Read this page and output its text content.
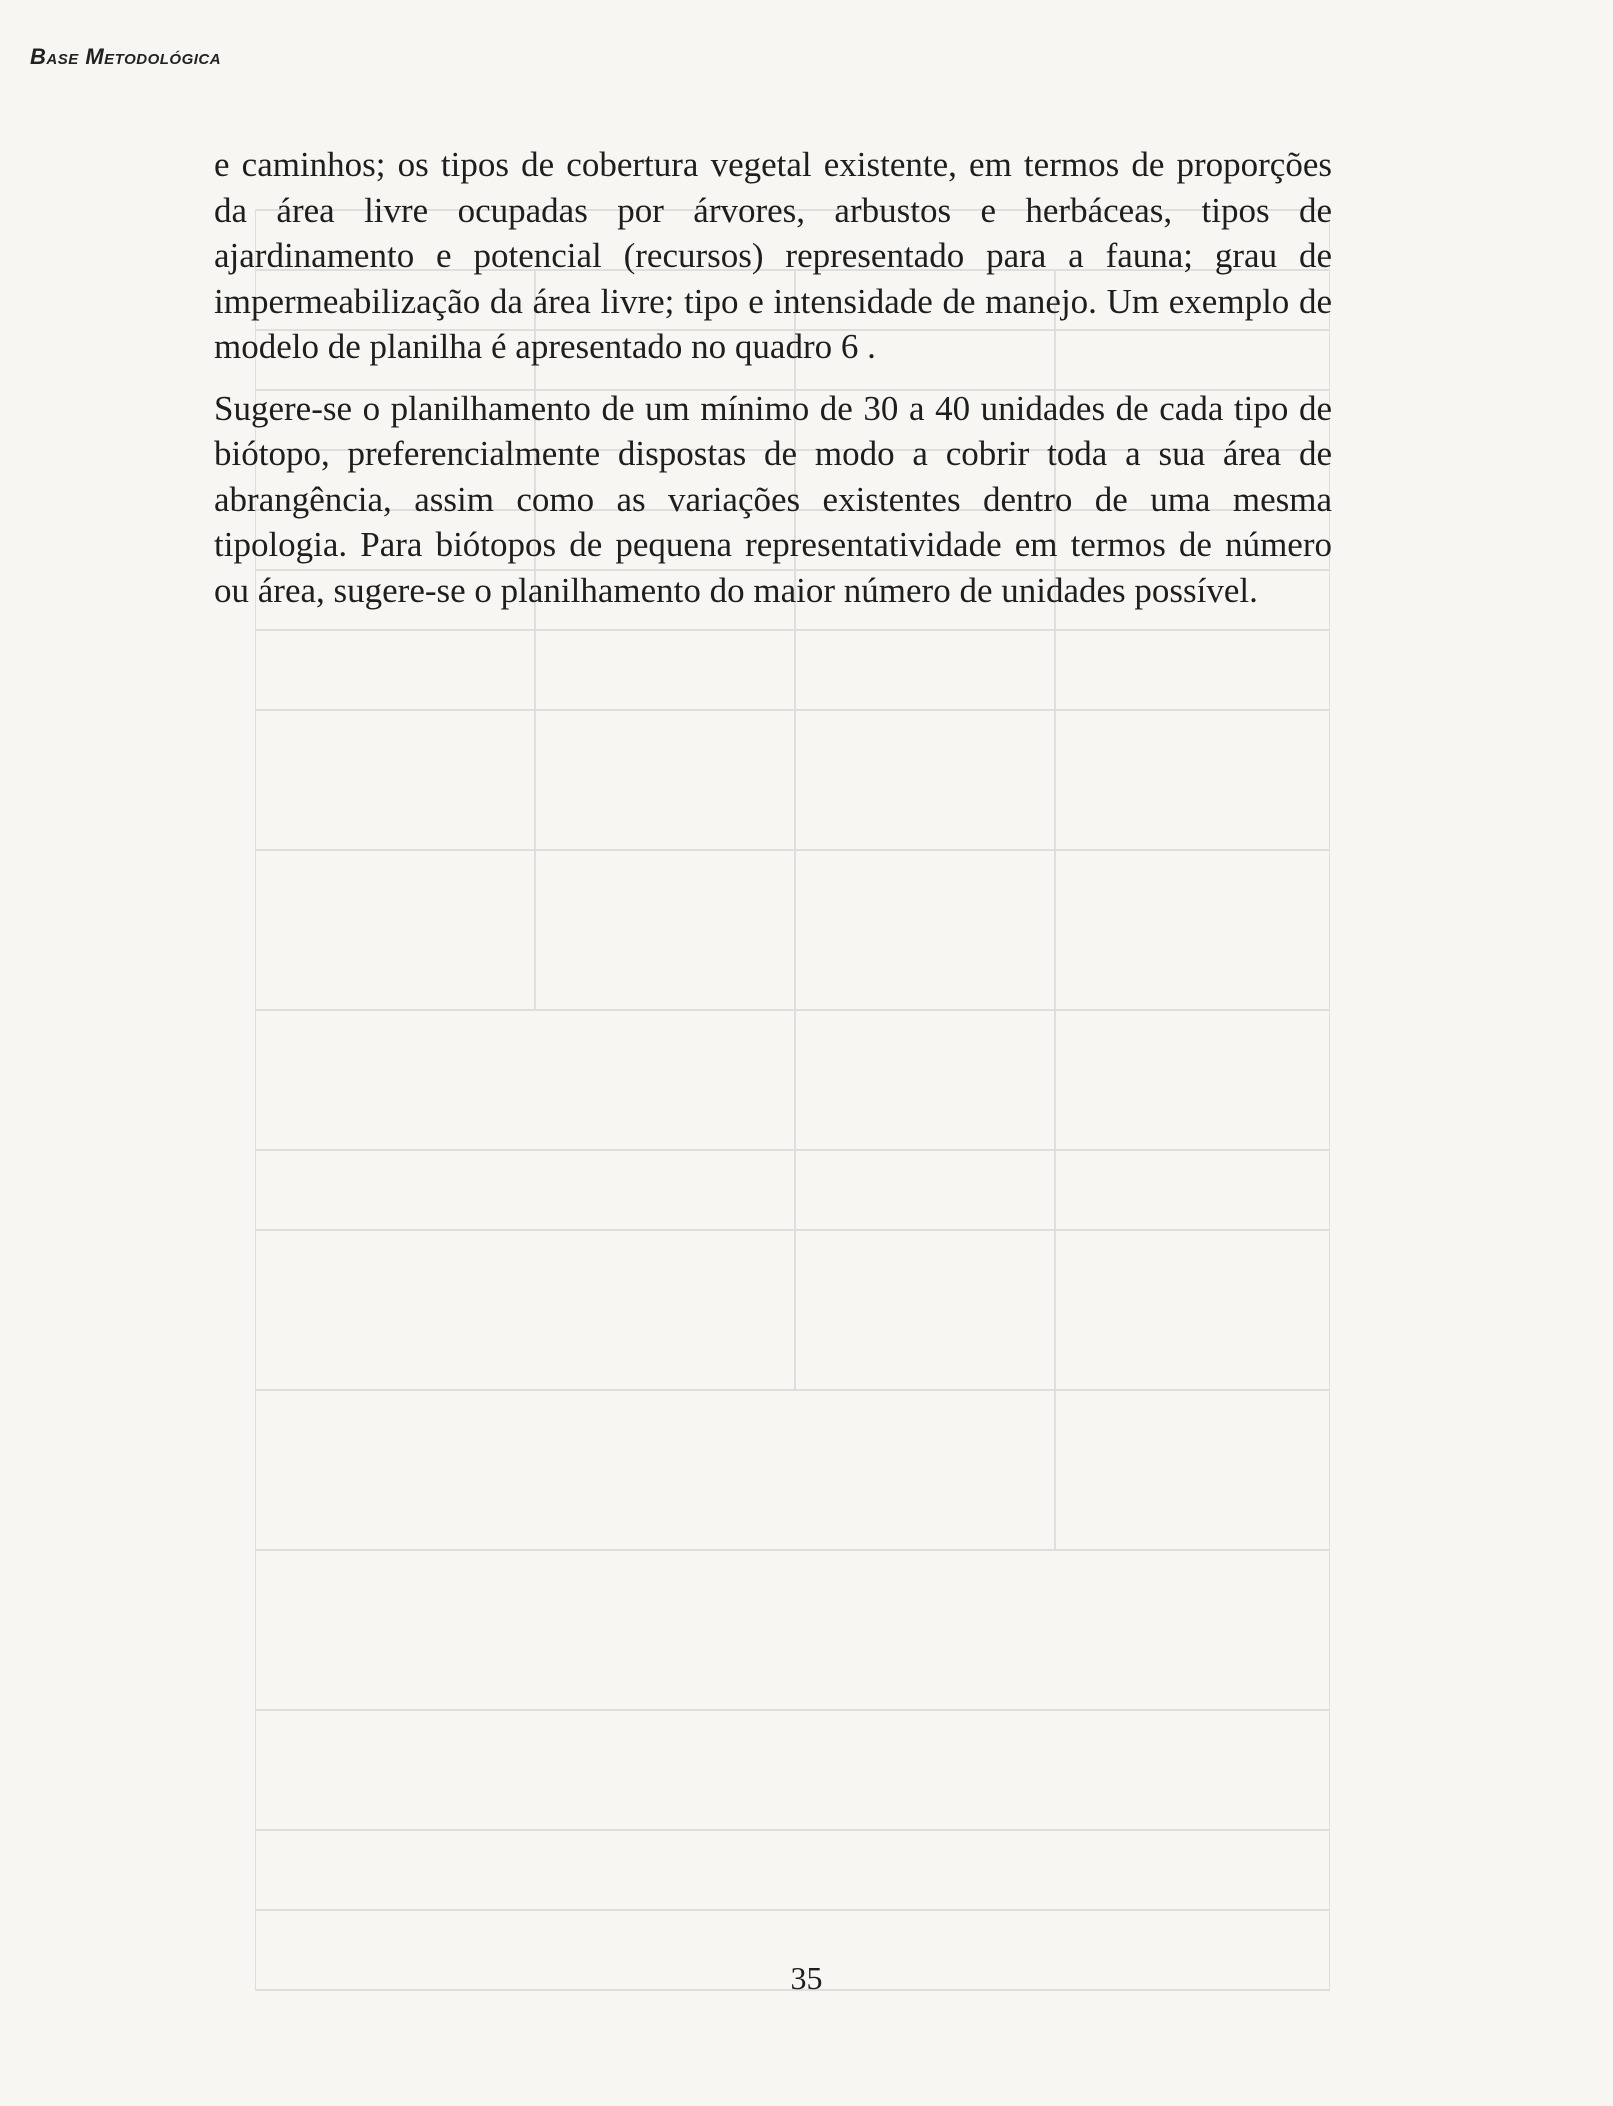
Base Metodológica

e caminhos; os tipos de cobertura vegetal existente, em termos de proporções da área livre ocupadas por árvores, arbustos e herbáceas, tipos de ajardinamento e potencial (recursos) representado para a fauna; grau de impermeabilização da área livre; tipo e intensidade de manejo. Um exemplo de modelo de planilha é apresentado no quadro 6 .

Sugere-se o planilhamento de um mínimo de 30 a 40 unidades de cada tipo de biótopo, preferencialmente dispostas de modo a cobrir toda a sua área de abrangência, assim como as variações existentes dentro de uma mesma tipologia. Para biótopos de pequena representatividade em termos de número ou área, sugere-se o planilhamento do maior número de unidades possível.

35
